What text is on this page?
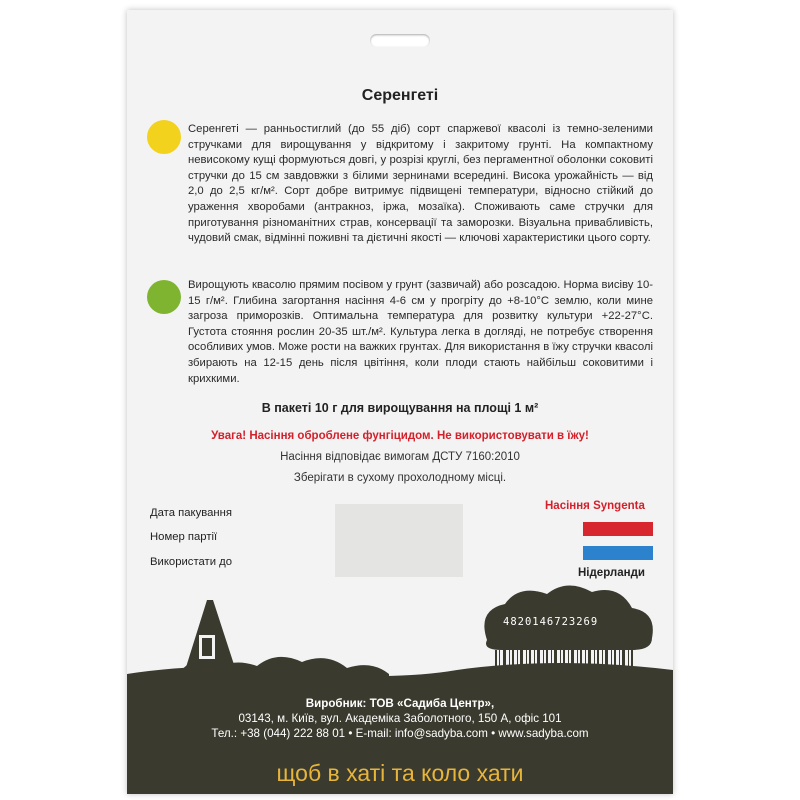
Серенгеті
Серенгеті — ранньостиглий (до 55 діб) сорт спаржевої квасолі із темно-зеленими стручками для вирощування у відкритому і закритому грунті. На компактному невисокому кущі формуються довгі, у розрізі круглі, без пергаментної оболонки соковиті стручки до 15 см завдовжки з білими зернинами всередині. Висока урожайність — від 2,0 до 2,5 кг/м². Сорт добре витримує підвищені температури, відносно стійкий до ураження хворобами (антракноз, іржа, мозаїка). Споживають саме стручки для приготування різноманітних страв, консервації та заморозки. Візуальна привабливість, чудовий смак, відмінні поживні та дієтичні якості — ключові характеристики цього сорту.
Вирощують квасолю прямим посівом у грунт (зазвичай) або розсадою. Норма висіву 10-15 г/м². Глибина загортання насіння 4-6 см у прогріту до +8-10°С землю, коли мине загроза приморозків. Оптимальна температура для розвитку культури +22-27°С. Густота стояння рослин 20-35 шт./м². Культура легка в догляді, не потребує створення особливих умов. Може рости на важких грунтах. Для використання в їжу стручки квасолі збирають на 12-15 день після цвітіння, коли плоди стають найбільш соковитими і крихкими.
В пакеті 10 г для вирощування на площі 1 м²
Увага! Насіння оброблене фунгіцидом. Не використовувати в їжу!
Насіння відповідає вимогам ДСТУ 7160:2010
Зберігати в сухому прохолодному місці.
Дата пакування
Номер партії
Використати до
Насіння Syngenta
Нідерланди
4820146723269
Виробник: ТОВ «Садиба Центр»,
03143, м. Київ, вул. Академіка Заболотного, 150 А, офіс 101
Тел.: +38 (044) 222 88 01 • E-mail: info@sadyba.com • www.sadyba.com
щоб в хаті та коло хати
